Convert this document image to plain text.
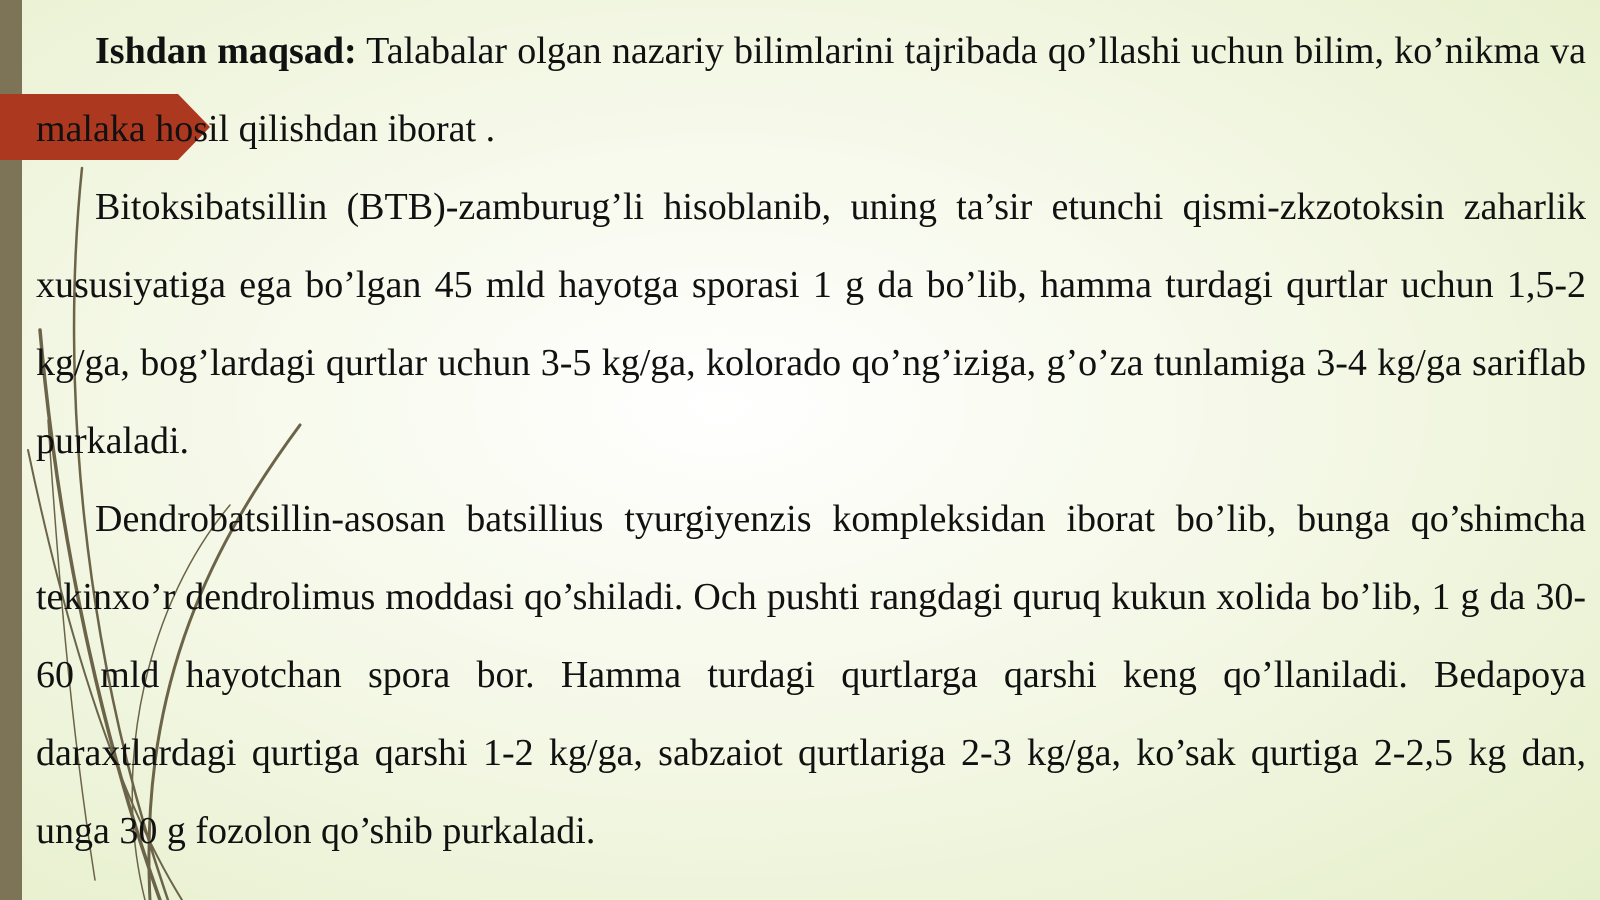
Ishdan maqsad: Talabalar olgan nazariy bilimlarini tajribada qo’llashi uchun bilim, ko’nikma va malaka hosil qilishdan iborat .

Bitoksibatsillin (BTB)-zamburug’li hisoblanib, uning ta’sir etunchi qismi-zkzotoksin zaharlik xususiyatiga ega bo’lgan 45 mld hayotga sporasi 1 g da bo’lib, hamma turdagi qurtlar uchun 1,5-2 kg/ga, bog’lardagi qurtlar uchun 3-5 kg/ga, kolorado qo’ng’iziga, g’o’za tunlamiga 3-4 kg/ga sariflab purkaladi.

Dendrobatsillin-asosan batsillius tyurgiyenzis kompleksidan iborat bo’lib, bunga qo’shimcha tekinxo’r dendrolimus moddasi qo’shiladi. Och pushti rangdagi quruq kukun xolida bo’lib, 1 g da 30-60 mld hayotchan spora bor. Hamma turdagi qurtlarga qarshi keng qo’llaniladi. Bedapoya daraxtlardagi qurtiga qarshi 1-2 kg/ga, sabzaiot qurtlariga 2-3 kg/ga, ko’sak qurtiga 2-2,5 kg dan, unga 30 g fozolon qo’shib purkaladi.
